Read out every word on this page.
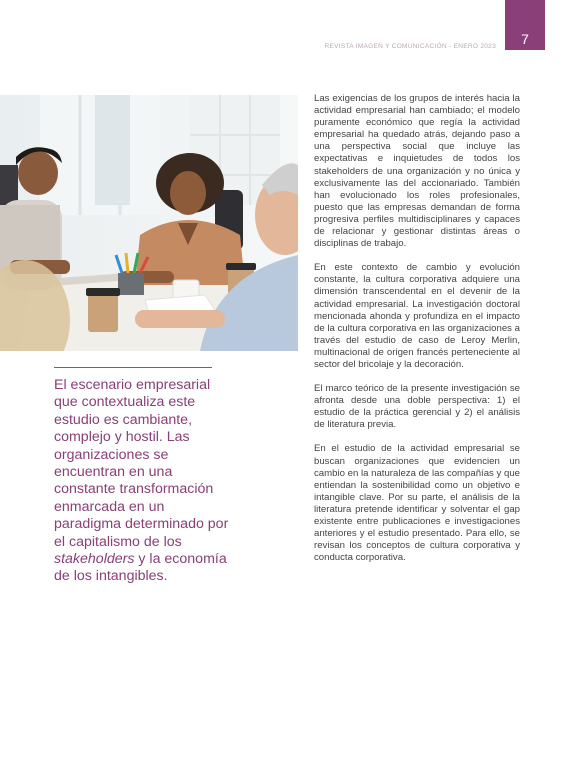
7
REVISTA IMAGEN Y COMUNICACIÓN - ENERO 2023
El escenario empresarial que contextualiza este estudio es cambiante, complejo y hostil. Las organizaciones se encuentran en una constante transformación enmarcada en un paradigma determinado por el capitalismo de los stakeholders y la economía de los intangibles.

Las exigencias de los grupos de interés hacia la actividad empresarial han cambiado; el modelo puramente económico que regía la actividad empresarial ha quedado atrás, dejando paso a una perspectiva social que incluye las expectativas e inquietudes de todos los stakeholders de una organización y no única y exclusivamente las del accionariado. También han evolucionado los roles profesionales, puesto que las empresas demandan de forma progresiva perfiles multidisciplinares y capaces de relacionar y gestionar distintas áreas o disciplinas de trabajo.

En este contexto de cambio y evolución constante, la cultura corporativa adquiere una dimensión transcendental en el devenir de la actividad empresarial. La investigación doctoral mencionada ahonda y profundiza en el impacto de la cultura corporativa en las organizaciones a través del estudio de caso de Leroy Merlin, multinacional de origen francés perteneciente al sector del bricolaje y la decoración.

El marco teórico de la presente investigación se afronta desde una doble perspectiva: 1) el estudio de la práctica gerencial y 2) el análisis de literatura previa.

En el estudio de la actividad empresarial se buscan organizaciones que evidencien un cambio en la naturaleza de las compañías y que entiendan la sostenibilidad como un objetivo e intangible clave. Por su parte, el análisis de la literatura pretende identificar y solventar el gap existente entre publicaciones e investigaciones anteriores y el estudio presentado. Para ello, se revisan los conceptos de cultura corporativa y conducta corporativa.
